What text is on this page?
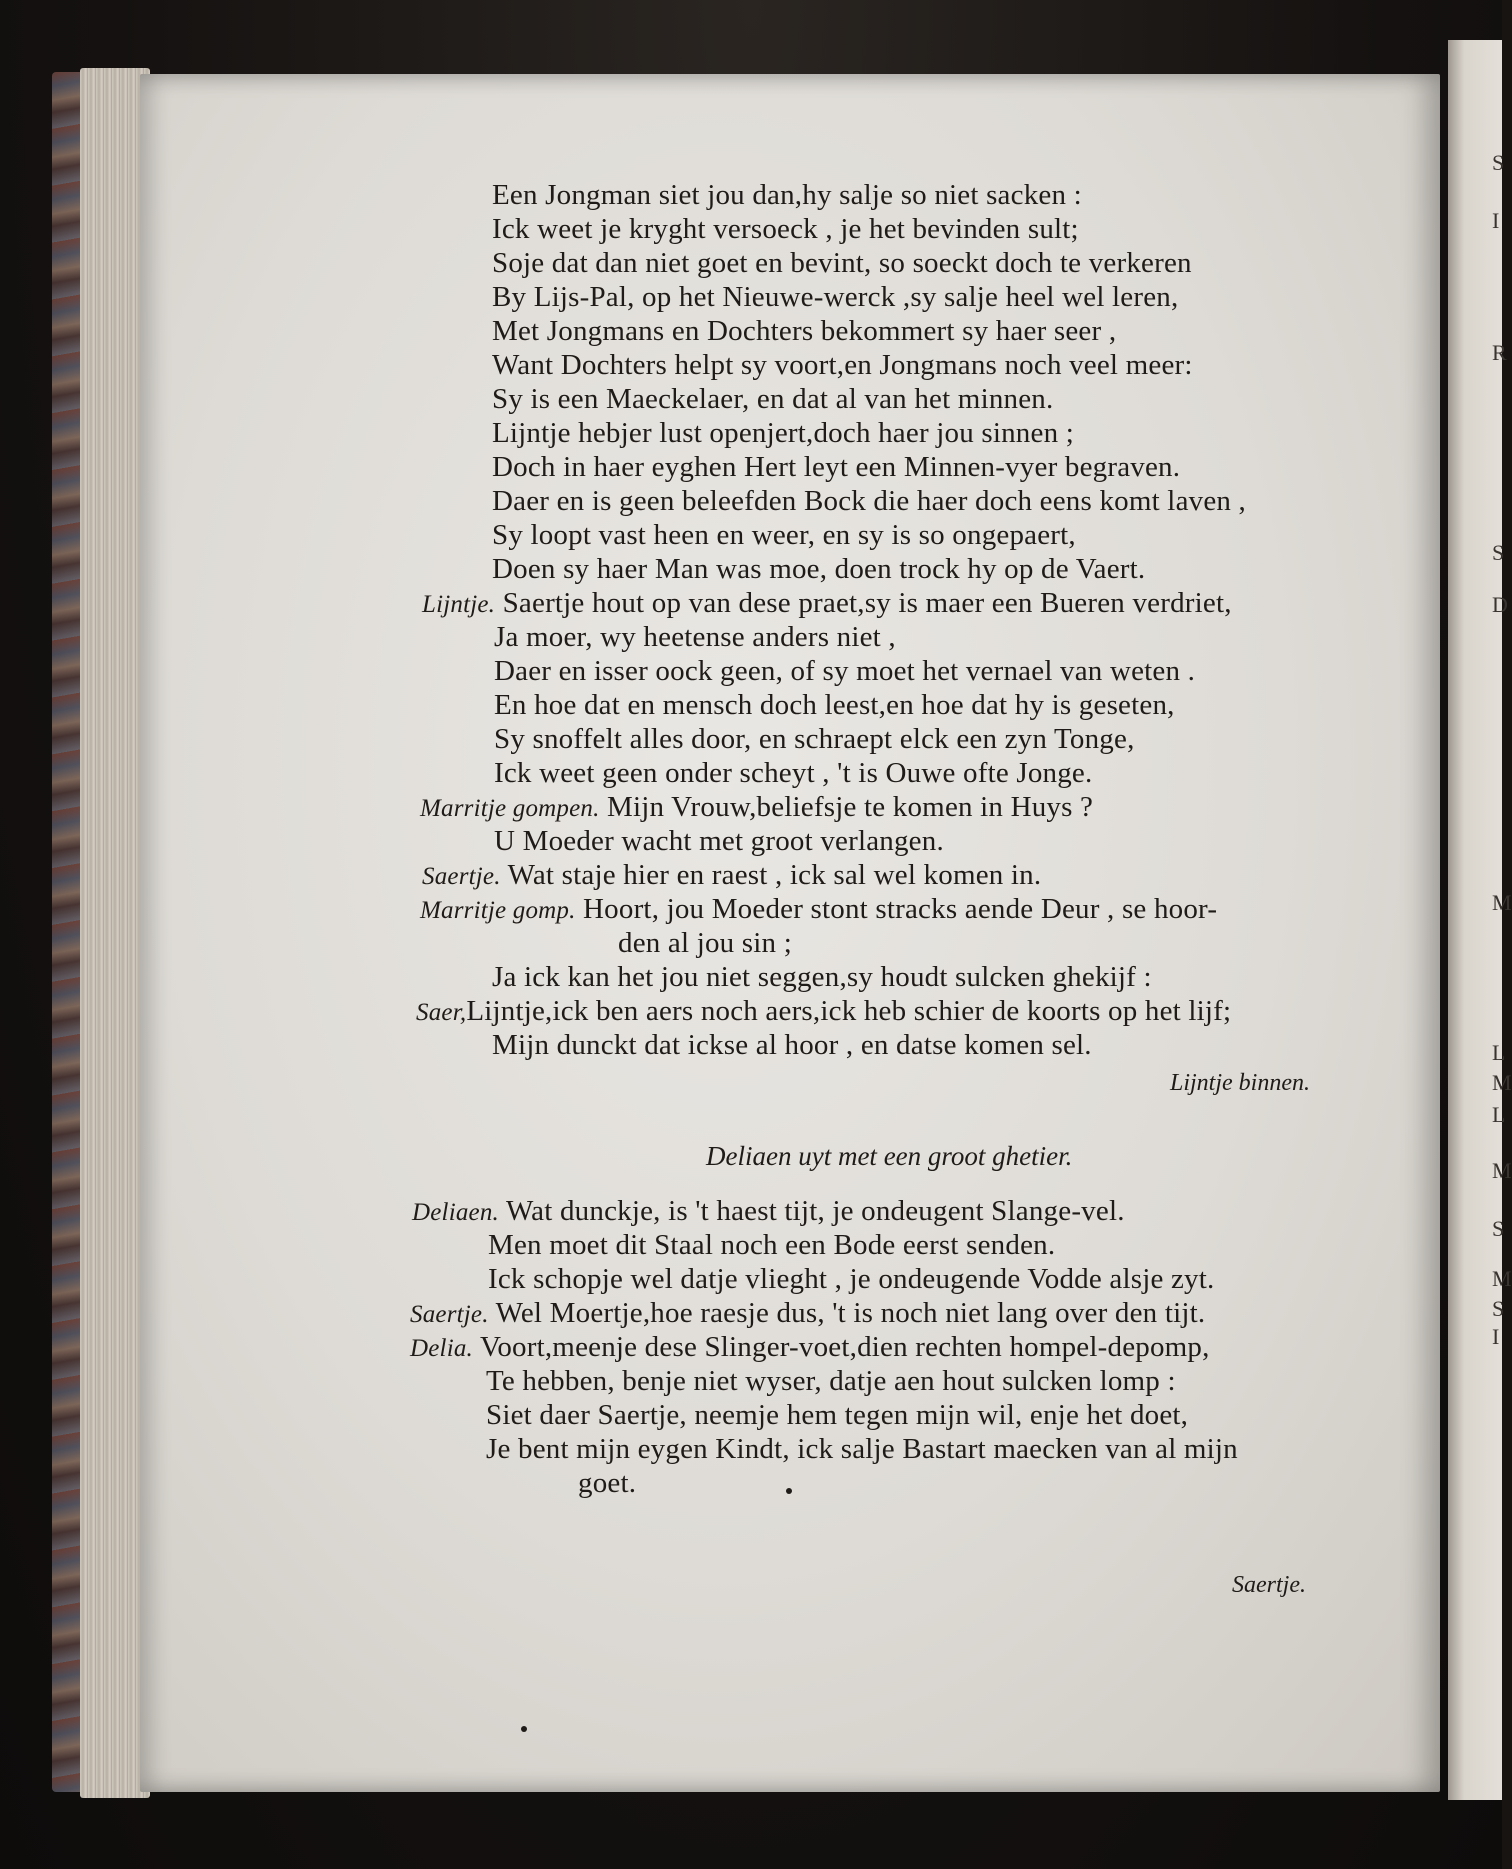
S
I
R
S
D
M
L
M
L
M
S
M
S
I
Een Jongman siet jou dan,hy salje so niet sacken :
Ick weet je kryght versoeck , je het bevinden sult;
Soje dat dan niet goet en bevint, so soeckt doch te verkeren
By Lijs-Pal, op het Nieuwe-werck ,sy salje heel wel leren,
Met Jongmans en Dochters bekommert sy haer seer ,
Want Dochters helpt sy voort,en Jongmans noch veel meer:
Sy is een Maeckelaer, en dat al van het minnen.
Lijntje hebjer lust openjert,doch haer jou sinnen ;
Doch in haer eyghen Hert leyt een Minnen-vyer begraven.
Daer en is geen beleefden Bock die haer doch eens komt laven ,
Sy loopt vast heen en weer, en sy is so ongepaert,
Doen sy haer Man was moe, doen trock hy op de Vaert.
Lijntje. Saertje hout op van dese praet,sy is maer een Bueren verdriet,
Ja moer, wy heetense anders niet ,
Daer en isser oock geen, of sy moet het vernael van weten .
En hoe dat en mensch doch leest,en hoe dat hy is geseten,
Sy snoffelt alles door, en schraept elck een zyn Tonge,
Ick weet geen onder scheyt , 't is Ouwe ofte Jonge.
Marritje gompen. Mijn Vrouw,beliefsje te komen in Huys ?
U Moeder wacht met groot verlangen.
Saertje. Wat staje hier en raest , ick sal wel komen in.
Marritje gomp. Hoort, jou Moeder stont stracks aende Deur , se hoor-
den al jou sin ;
Ja ick kan het jou niet seggen,sy houdt sulcken ghekijf :
Saer,Lijntje,ick ben aers noch aers,ick heb schier de koorts op het lijf;
Mijn dunckt dat ickse al hoor , en datse komen sel.
Lijntje binnen.
Deliaen uyt met een groot ghetier.
Deliaen. Wat dunckje, is 't haest tijt, je ondeugent Slange-vel.
Men moet dit Staal noch een Bode eerst senden.
Ick schopje wel datje vlieght , je ondeugende Vodde alsje zyt.
Saertje. Wel Moertje,hoe raesje dus, 't is noch niet lang over den tijt.
Delia. Voort,meenje dese Slinger-voet,dien rechten hompel-depomp,
Te hebben, benje niet wyser, datje aen hout sulcken lomp :
Siet daer Saertje, neemje hem tegen mijn wil, enje het doet,
Je bent mijn eygen Kindt, ick salje Bastart maecken van al mijn
goet.
Saertje.
